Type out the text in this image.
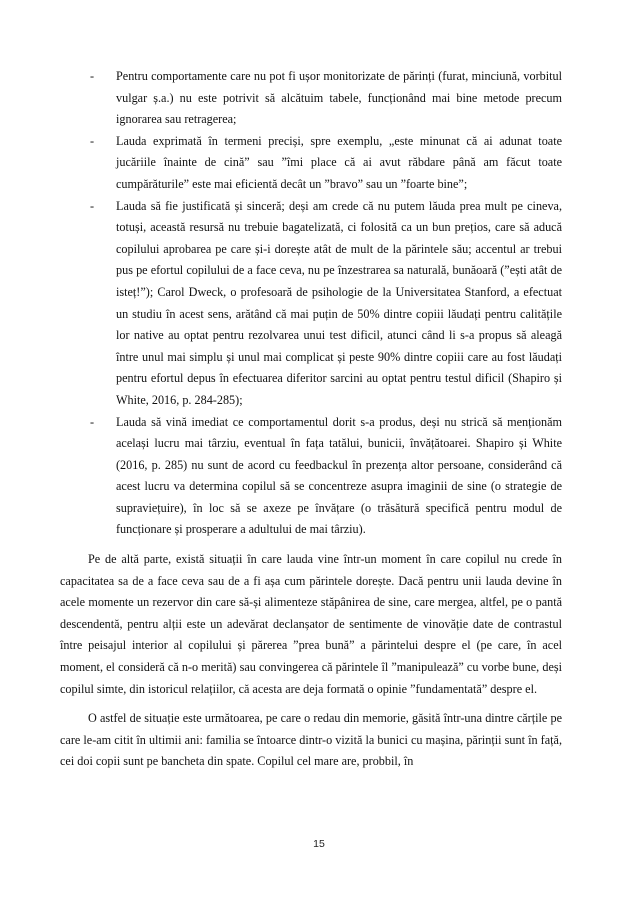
- Pentru comportamente care nu pot fi ușor monitorizate de părinți (furat, minciună, vorbitul vulgar ș.a.) nu este potrivit să alcătuim tabele, funcționând mai bine metode precum ignorarea sau retragerea;
- Lauda exprimată în termeni preciși, spre exemplu, „este minunat că ai adunat toate jucăriile înainte de cină” sau ”îmi place că ai avut răbdare până am făcut toate cumpărăturile” este mai eficientă decât un ”bravo” sau un ”foarte bine”;
- Lauda să fie justificată și sinceră; deși am crede că nu putem lăuda prea mult pe cineva, totuși, această resursă nu trebuie bagatelizată, ci folosită ca un bun prețios, care să aducă copilului aprobarea pe care și-i dorește atât de mult de la părintele său; accentul ar trebui pus pe efortul copilului de a face ceva, nu pe înzestrarea sa naturală, bunăoară (”ești atât de isteț!”); Carol Dweck, o profesoară de psihologie de la Universitatea Stanford, a efectuat un studiu în acest sens, arătând că mai puțin de 50% dintre copiii lăudați pentru calitățile lor native au optat pentru rezolvarea unui test dificil, atunci când li s-a propus să aleagă între unul mai simplu și unul mai complicat și peste 90% dintre copiii care au fost lăudați pentru efortul depus în efectuarea diferitor sarcini au optat pentru testul dificil (Shapiro și White, 2016, p. 284-285);
- Lauda să vină imediat ce comportamentul dorit s-a produs, deși nu strică să menționăm același lucru mai târziu, eventual în fața tatălui, bunicii, învățătoarei. Shapiro și White (2016, p. 285) nu sunt de acord cu feedbackul în prezența altor persoane, considerând că acest lucru va determina copilul să se concentreze asupra imaginii de sine (o strategie de supraviețuire), în loc să se axeze pe învățare (o trăsătură specifică pentru modul de funcționare și prosperare a adultului de mai târziu).

Pe de altă parte, există situații în care lauda vine într-un moment în care copilul nu crede în capacitatea sa de a face ceva sau de a fi așa cum părintele dorește. Dacă pentru unii lauda devine în acele momente un rezervor din care să-și alimenteze stăpânirea de sine, care mergea, altfel, pe o pantă descendentă, pentru alții este un adevărat declanșator de sentimente de vinovăție date de contrastul între peisajul interior al copilului și părerea ”prea bună” a părintelui despre el (pe care, în acel moment, el consideră că n-o merită) sau convingerea că părintele îl ”manipulează” cu vorbe bune, deși copilul simte, din istoricul relațiilor, că acesta are deja formată o opinie ”fundamentată” despre el.

O astfel de situație este următoarea, pe care o redau din memorie, găsită într-una dintre cărțile pe care le-am citit în ultimii ani: familia se întoarce dintr-o vizită la bunici cu mașina, părinții sunt în față, cei doi copii sunt pe bancheta din spate. Copilul cel mare are, probbil, în

15
